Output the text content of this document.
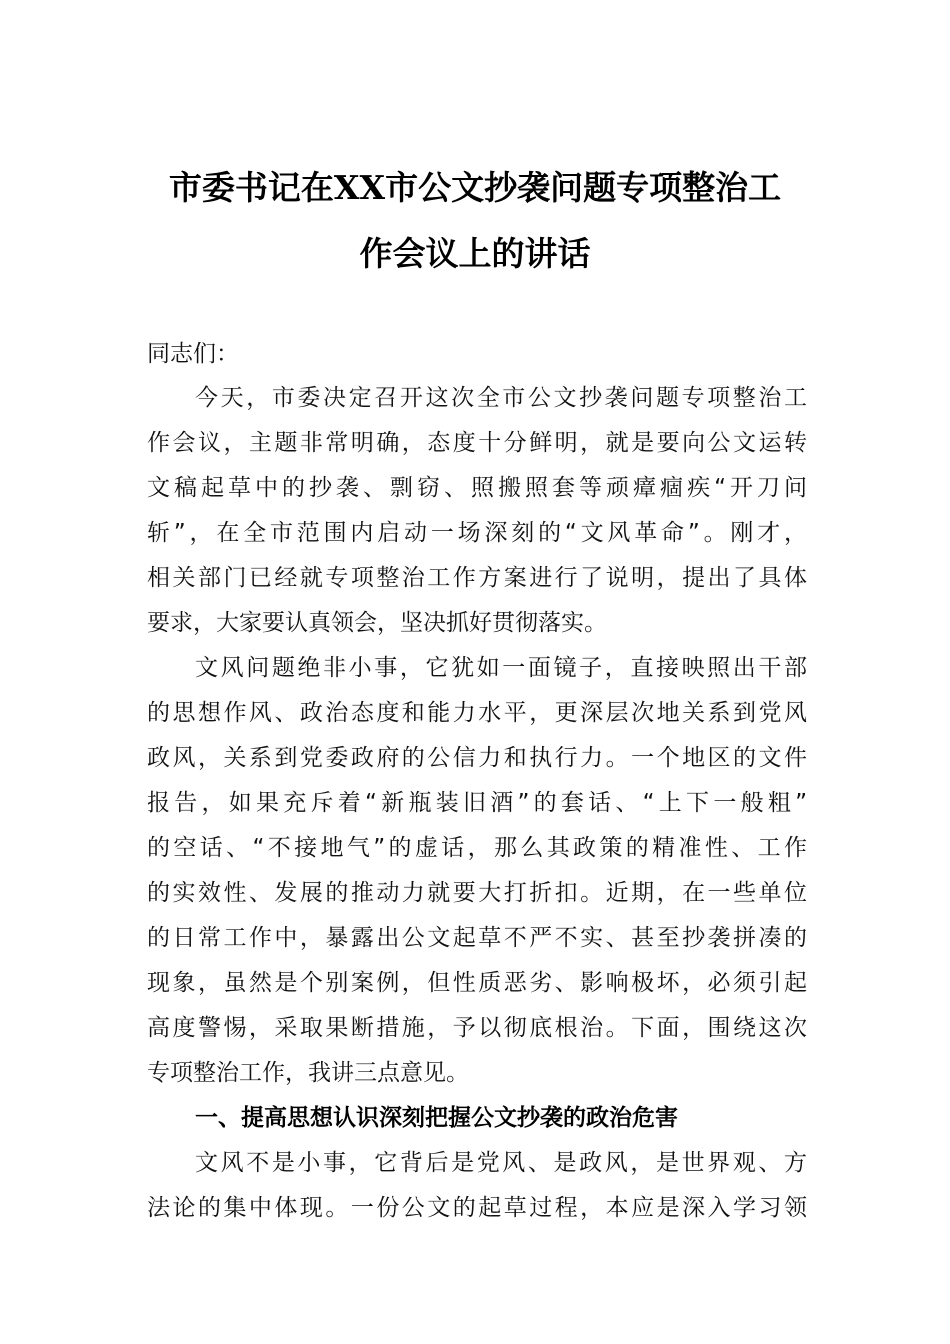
市委书记在XX市公文抄袭问题专项整治工
作会议上的讲话
同志们：
今天，市委决定召开这次全市公文抄袭问题专项整治工
作会议，主题非常明确，态度十分鲜明，就是要向公文运转
文稿起草中的抄袭、剽窃、照搬照套等顽瘴痼疾“开刀问
斩”，在全市范围内启动一场深刻的“文风革命”。刚才，
相关部门已经就专项整治工作方案进行了说明，提出了具体
要求，大家要认真领会，坚决抓好贯彻落实。
文风问题绝非小事，它犹如一面镜子，直接映照出干部
的思想作风、政治态度和能力水平，更深层次地关系到党风
政风，关系到党委政府的公信力和执行力。一个地区的文件
报告，如果充斥着“新瓶装旧酒”的套话、“上下一般粗”
的空话、“不接地气”的虚话，那么其政策的精准性、工作
的实效性、发展的推动力就要大打折扣。近期，在一些单位
的日常工作中，暴露出公文起草不严不实、甚至抄袭拼凑的
现象，虽然是个别案例，但性质恶劣、影响极坏，必须引起
高度警惕，采取果断措施，予以彻底根治。下面，围绕这次
专项整治工作，我讲三点意见。
一、提高思想认识深刻把握公文抄袭的政治危害
文风不是小事，它背后是党风、是政风，是世界观、方
法论的集中体现。一份公文的起草过程，本应是深入学习领
